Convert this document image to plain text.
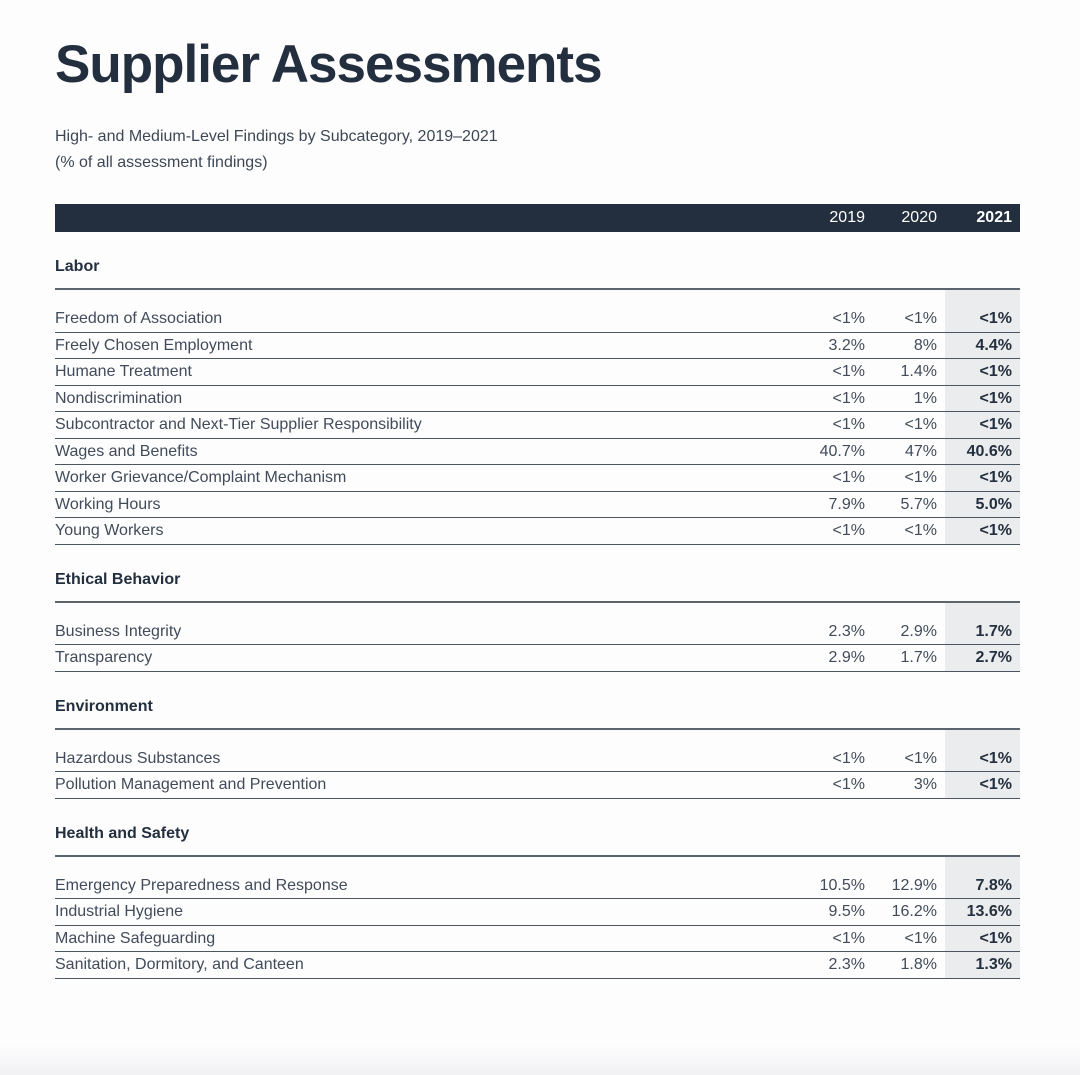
Supplier Assessments
High- and Medium-Level Findings by Subcategory, 2019–2021
(% of all assessment findings)
2019	2020	2021
Labor
Freedom of Association	<1%	<1%	<1%
Freely Chosen Employment	3.2%	8%	4.4%
Humane Treatment	<1%	1.4%	<1%
Nondiscrimination	<1%	1%	<1%
Subcontractor and Next-Tier Supplier Responsibility	<1%	<1%	<1%
Wages and Benefits	40.7%	47%	40.6%
Worker Grievance/Complaint Mechanism	<1%	<1%	<1%
Working Hours	7.9%	5.7%	5.0%
Young Workers	<1%	<1%	<1%
Ethical Behavior
Business Integrity	2.3%	2.9%	1.7%
Transparency	2.9%	1.7%	2.7%
Environment
Hazardous Substances	<1%	<1%	<1%
Pollution Management and Prevention	<1%	3%	<1%
Health and Safety
Emergency Preparedness and Response	10.5%	12.9%	7.8%
Industrial Hygiene	9.5%	16.2%	13.6%
Machine Safeguarding	<1%	<1%	<1%
Sanitation, Dormitory, and Canteen	2.3%	1.8%	1.3%
